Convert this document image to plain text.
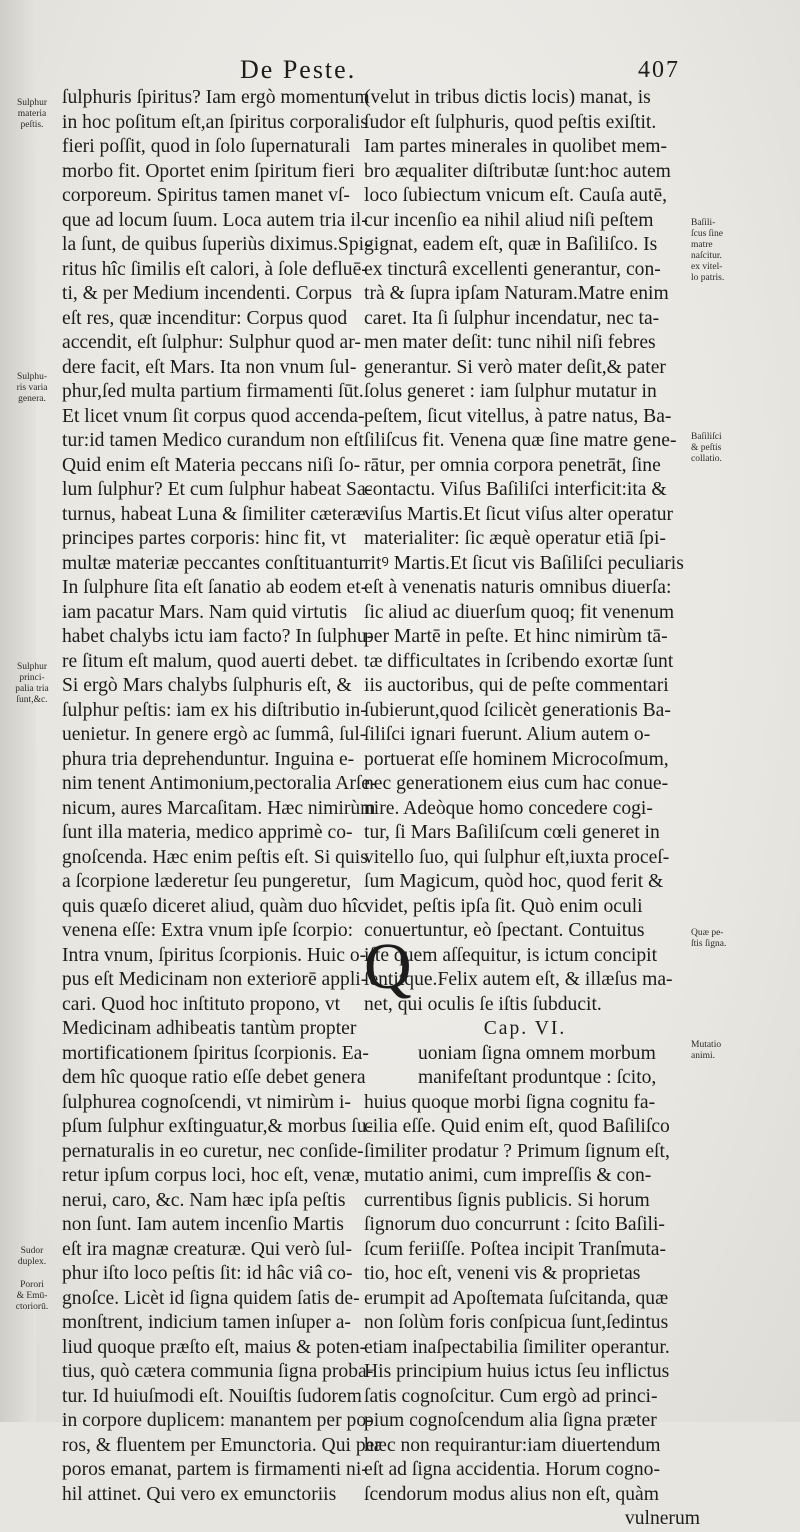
De Peste.	407
ſulphuris ſpiritus? Iam ergò momentum
in hoc poſitum eſt,an ſpiritus corporalis
fieri poſſit, quod in ſolo ſupernaturali
morbo fit. Oportet enim ſpiritum fieri
corporeum. Spiritus tamen manet vſ-
que ad locum ſuum. Loca autem tria il-
la ſunt, de quibus ſuperiùs diximus.Spi-
ritus hîc ſimilis eſt calori, à ſole defluē-
ti, & per Medium incendenti. Corpus
eſt res, quæ incenditur: Corpus quod
accendit, eſt ſulphur: Sulphur quod ar-
dere facit, eſt Mars. Ita non vnum ſul-
phur,ſed multa partium firmamenti ſūt.
Et licet vnum ſit corpus quod accenda-
tur:id tamen Medico curandum non eſt.
Quid enim eſt Materia peccans niſi ſo-
lum ſulphur? Et cum ſulphur habeat Sa-
turnus, habeat Luna & ſimiliter cæteræ
principes partes corporis: hinc fit, vt
multæ materiæ peccantes conſtituantur.
In ſulphure ſita eſt ſanatio ab eodem et-
iam pacatur Mars. Nam quid virtutis
habet chalybs ictu iam facto? In ſulphu-
re ſitum eſt malum, quod auerti debet.
Si ergò Mars chalybs ſulphuris eſt, &
ſulphur peſtis: iam ex his diſtributio in-
uenietur. In genere ergò ac ſummâ, ſul-
phura tria deprehenduntur. Inguina e-
nim tenent Antimonium,pectoralia Arſe-
nicum, aures Marcaſitam. Hæc nimirùm
ſunt illa materia, medico apprimè co-
gnoſcenda. Hæc enim peſtis eſt. Si quis
a ſcorpione læderetur ſeu pungeretur,
quis quæſo diceret aliud, quàm duo hîc
venena eſſe: Extra vnum ipſe ſcorpio:
Intra vnum, ſpiritus ſcorpionis. Huic o-
pus eſt Medicinam non exteriorē appli-
cari. Quod hoc inſtituto propono, vt
Medicinam adhibeatis tantùm propter
mortificationem ſpiritus ſcorpionis. Ea-
dem hîc quoque ratio eſſe debet genera
ſulphurea cognoſcendi, vt nimirùm i-
pſum ſulphur exſtinguatur,& morbus ſu-
pernaturalis in eo curetur, nec conſide-
retur ipſum corpus loci, hoc eſt, venæ,
nerui, caro, &c. Nam hæc ipſa peſtis
non ſunt. Iam autem incenſio Martis
eſt ira magnæ creaturæ. Qui verò ſul-
phur iſto loco peſtis ſit: id hâc viâ co-
gnoſce. Licèt id ſigna quidem ſatis de-
monſtrent, indicium tamen inſuper a-
liud quoque præſto eſt, maius & poten-
tius, quò cætera communia ſigna proba-
tur. Id huiuſmodi eſt. Nouiſtis ſudorem
in corpore duplicem: manantem per po-
ros, & fluentem per Emunctoria. Qui per
poros emanat, partem is firmamenti ni-
hil attinet. Qui vero ex emunctoriis
(velut in tribus dictis locis) manat, is
ſudor eſt ſulphuris, quod peſtis exiſtit.
Iam partes minerales in quolibet mem-
bro æqualiter diſtributæ ſunt:hoc autem
loco ſubiectum vnicum eſt. Cauſa autē,
cur incenſio ea nihil aliud niſi peſtem
gignat, eadem eſt, quæ in Baſiliſco. Is
ex tincturâ excellenti generantur, con-
trà & ſupra ipſam Naturam.Matre enim
caret. Ita ſi ſulphur incendatur, nec ta-
men mater deſit: tunc nihil niſi febres
generantur. Si verò mater deſit,& pater
ſolus generet : iam ſulphur mutatur in
peſtem, ſicut vitellus, à patre natus, Ba-
ſiliſcus fit. Venena quæ ſine matre gene-
rātur, per omnia corpora penetrāt, ſine
contactu. Viſus Baſiliſci interficit:ita &
viſus Martis.Et ſicut viſus alter operatur
materialiter: ſic æquè operatur etiā ſpi-
ritꝰ Martis.Et ſicut vis Baſiliſci peculiaris
eſt à venenatis naturis omnibus diuerſa:
ſic aliud ac diuerſum quoq; fit venenum
per Martē in peſte. Et hinc nimirùm tā-
tæ difficultates in ſcribendo exortæ ſunt
iis auctoribus, qui de peſte commentari
ſubierunt,quod ſcilicèt generationis Ba-
ſiliſci ignari fuerunt. Alium autem o-
portuerat eſſe hominem Microcoſmum,
nec generationem eius cum hac conue-
nire. Adeòque homo concedere cogi-
tur, ſi Mars Baſiliſcum cœli generet in
vitello ſuo, qui ſulphur eſt,iuxta proceſ-
ſum Magicum, quòd hoc, quod ferit &
videt, peſtis ipſa ſit. Quò enim oculi
conuertuntur, eò ſpectant. Contuitus
iſte quem aſſequitur, is ictum concipit
ſentitque.Felix autem eſt, & illæſus ma-
net, qui oculis ſe iſtis ſubducit.
Cap. VI.
uoniam ſigna omnem morbum
manifeſtant produntque : ſcito,
huius quoque morbi ſigna cognitu fa-
cilia eſſe. Quid enim eſt, quod Baſiliſco
ſimiliter prodatur ? Primum ſignum eſt,
mutatio animi, cum impreſſis & con-
currentibus ſignis publicis. Si horum
ſignorum duo concurrunt : ſcito Baſili-
ſcum feriiſſe. Poſtea incipit Tranſmuta-
tio, hoc eſt, veneni vis & proprietas
erumpit ad Apoſtemata ſuſcitanda, quæ
non ſolùm foris conſpicua ſunt,ſedintus
etiam inaſpectabilia ſimiliter operantur.
His principium huius ictus ſeu inflictus
ſatis cognoſcitur. Cum ergò ad princi-
pium cognoſcendum alia ſigna præter
hæc non requirantur:iam diuertendum
eſt ad ſigna accidentia. Horum cogno-
ſcendorum modus alius non eſt, quàm
vulnerum
Q
Sulphur
materia
peſtis.
Sulphu-
ris varia
genera.
Sulphur
princi-
palia tria
ſunt,&c.
Sudor
duplex.
Porori
& Emū-
ctoriorū.
Baſili-
ſcus ſine
matre
naſcitur.
ex vitel-
lo patris.
Baſiliſci
& peſtis
collatio.
Quæ pe-
ſtis ſigna.
Mutatio
animi.
